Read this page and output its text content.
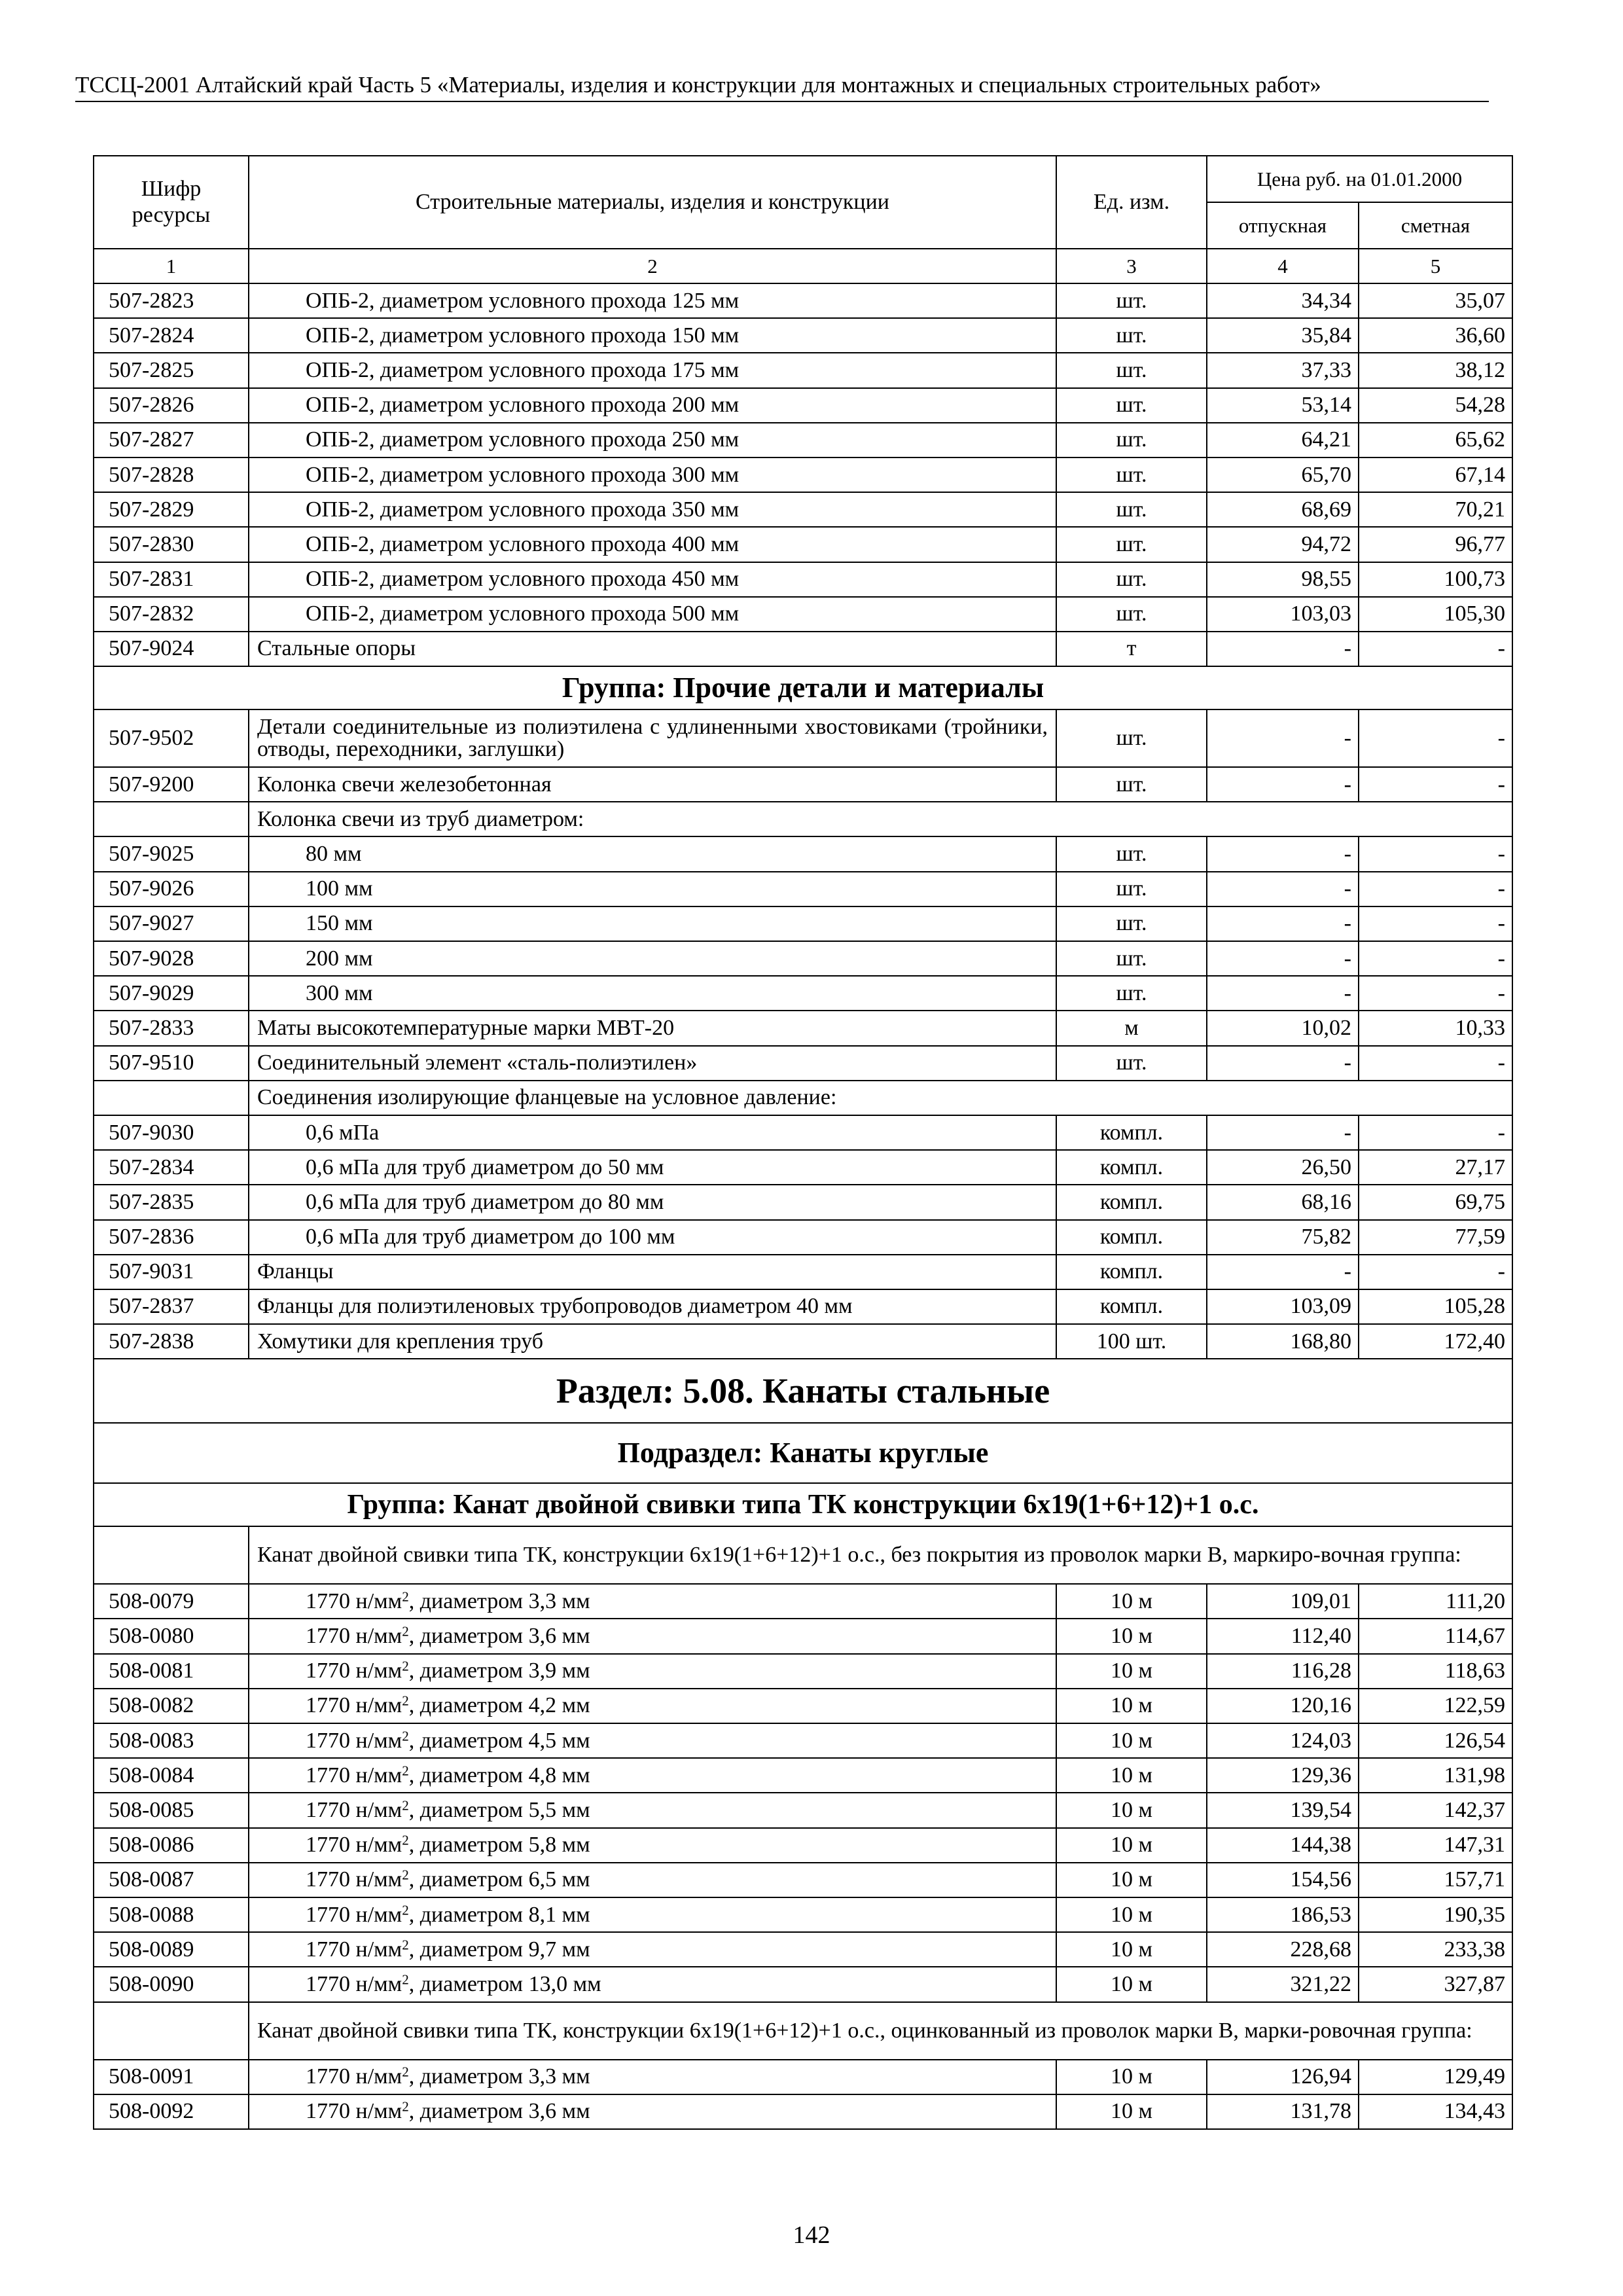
ТССЦ-2001 Алтайский край Часть 5 «Материалы, изделия и конструкции для монтажных и специальных строительных работ»
Шифр ресурсы	Строительные материалы, изделия и конструкции	Ед. изм.	Цена руб. на 01.01.2000	
			отпускная	сметная
1	2	3	4	5
507-2823	ОПБ-2, диаметром условного прохода 125 мм	шт.	34,34	35,07
507-2824	ОПБ-2, диаметром условного прохода 150 мм	шт.	35,84	36,60
507-2825	ОПБ-2, диаметром условного прохода 175 мм	шт.	37,33	38,12
507-2826	ОПБ-2, диаметром условного прохода 200 мм	шт.	53,14	54,28
507-2827	ОПБ-2, диаметром условного прохода 250 мм	шт.	64,21	65,62
507-2828	ОПБ-2, диаметром условного прохода 300 мм	шт.	65,70	67,14
507-2829	ОПБ-2, диаметром условного прохода 350 мм	шт.	68,69	70,21
507-2830	ОПБ-2, диаметром условного прохода 400 мм	шт.	94,72	96,77
507-2831	ОПБ-2, диаметром условного прохода 450 мм	шт.	98,55	100,73
507-2832	ОПБ-2, диаметром условного прохода 500 мм	шт.	103,03	105,30
507-9024	Стальные опоры	т	-	-
Группа: Прочие детали и материалы				
507-9502	Детали соединительные из полиэтилена с удлиненными хвостовиками (тройники, отводы, переходники, заглушки)	шт.	-	-
507-9200	Колонка свечи железобетонная	шт.	-	-
	Колонка свечи из труб диаметром:			
507-9025	80 мм	шт.	-	-
507-9026	100 мм	шт.	-	-
507-9027	150 мм	шт.	-	-
507-9028	200 мм	шт.	-	-
507-9029	300 мм	шт.	-	-
507-2833	Маты высокотемпературные марки МВТ-20	м	10,02	10,33
507-9510	Соединительный элемент «сталь-полиэтилен»	шт.	-	-
	Соединения изолирующие фланцевые на условное давление:			
507-9030	0,6 мПа	компл.	-	-
507-2834	0,6 мПа для труб диаметром до 50 мм	компл.	26,50	27,17
507-2835	0,6 мПа для труб диаметром до 80 мм	компл.	68,16	69,75
507-2836	0,6 мПа для труб диаметром до 100 мм	компл.	75,82	77,59
507-9031	Фланцы	компл.	-	-
507-2837	Фланцы для полиэтиленовых трубопроводов диаметром 40 мм	компл.	103,09	105,28
507-2838	Хомутики для крепления труб	100 шт.	168,80	172,40
Раздел: 5.08. Канаты стальные				
Подраздел: Канаты круглые				
Группа: Канат двойной свивки типа ТК конструкции 6х19(1+6+12)+1 о.с.				
	Канат двойной свивки типа ТК, конструкции 6х19(1+6+12)+1 о.с., без покрытия из проволок марки В, маркиро-вочная группа:			
508-0079	1770 $н/мм^2$, диаметром 3,3 мм	10 м	109,01	111,20
508-0080	1770 $н/мм^2$, диаметром 3,6 мм	10 м	112,40	114,67
508-0081	1770 $н/мм^2$, диаметром 3,9 мм	10 м	116,28	118,63
508-0082	1770 $н/мм^2$, диаметром 4,2 мм	10 м	120,16	122,59
508-0083	1770 $н/мм^2$, диаметром 4,5 мм	10 м	124,03	126,54
508-0084	1770 $н/мм^2$, диаметром 4,8 мм	10 м	129,36	131,98
508-0085	1770 $н/мм^2$, диаметром 5,5 мм	10 м	139,54	142,37
508-0086	1770 $н/мм^2$, диаметром 5,8 мм	10 м	144,38	147,31
508-0087	1770 $н/мм^2$, диаметром 6,5 мм	10 м	154,56	157,71
508-0088	1770 $н/мм^2$, диаметром 8,1 мм	10 м	186,53	190,35
508-0089	1770 $н/мм^2$, диаметром 9,7 мм	10 м	228,68	233,38
508-0090	1770 $н/мм^2$, диаметром 13,0 мм	10 м	321,22	327,87
	Канат двойной свивки типа ТК, конструкции 6х19(1+6+12)+1 о.с., оцинкованный из проволок марки В, марки-ровочная группа:			
508-0091	1770 $н/мм^2$, диаметром 3,3 мм	10 м	126,94	129,49
508-0092	1770 $н/мм^2$, диаметром 3,6 мм	10 м	131,78	134,43
142
